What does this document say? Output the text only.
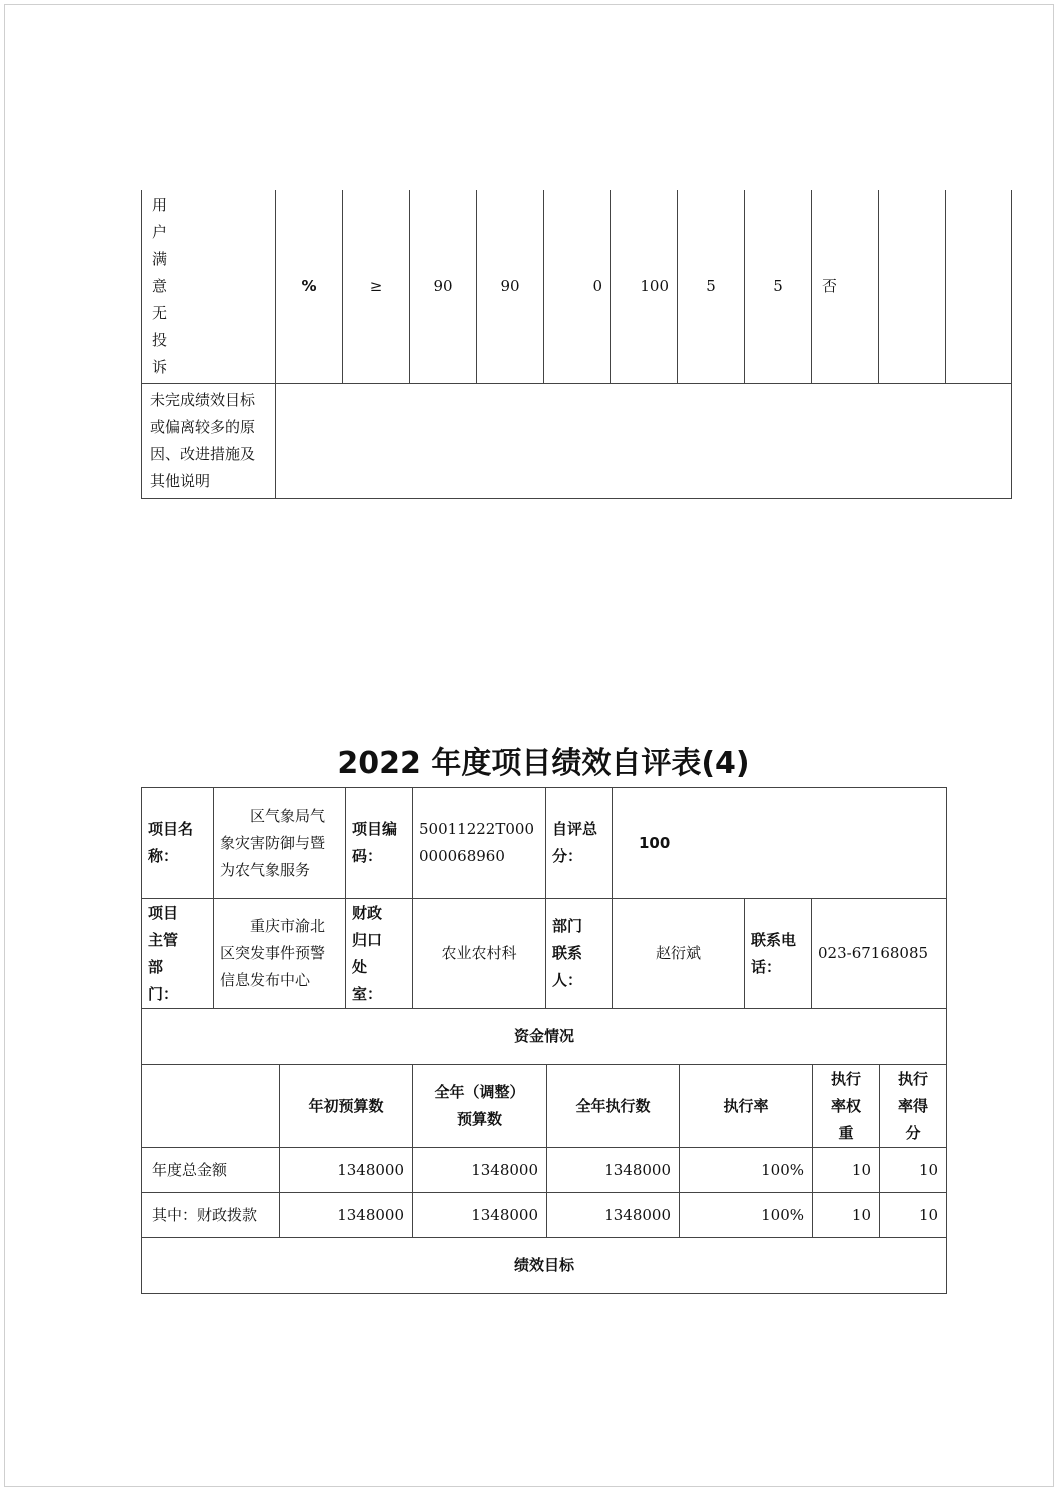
用户满意无投诉	%	≥	90	90	0	100	5	5	否		

未完成绩效目标或偏离较多的原因、改进措施及其他说明											

2022 年度项目绩效自评表(4)
项目名称：	区气象局气象灾害防御与暨为农气象服务	项目编码：	50011222T000000068960	自评总分：	100		

项目主管部门：	重庆市渝北区突发事件预警信息发布中心	财政归口处室：	农业农村科	部门联系人：	赵衍斌	联系电话：	023-67168085
资金情况						
	年初预算数	全年（调整）预算数	全年执行数	执行率	执行率权重	执行率得分

年度总金额	1348000	1348000	1348000	100%	10	10
其中：财政拨款	1348000	1348000	1348000	100%	10	10
绩效目标						
